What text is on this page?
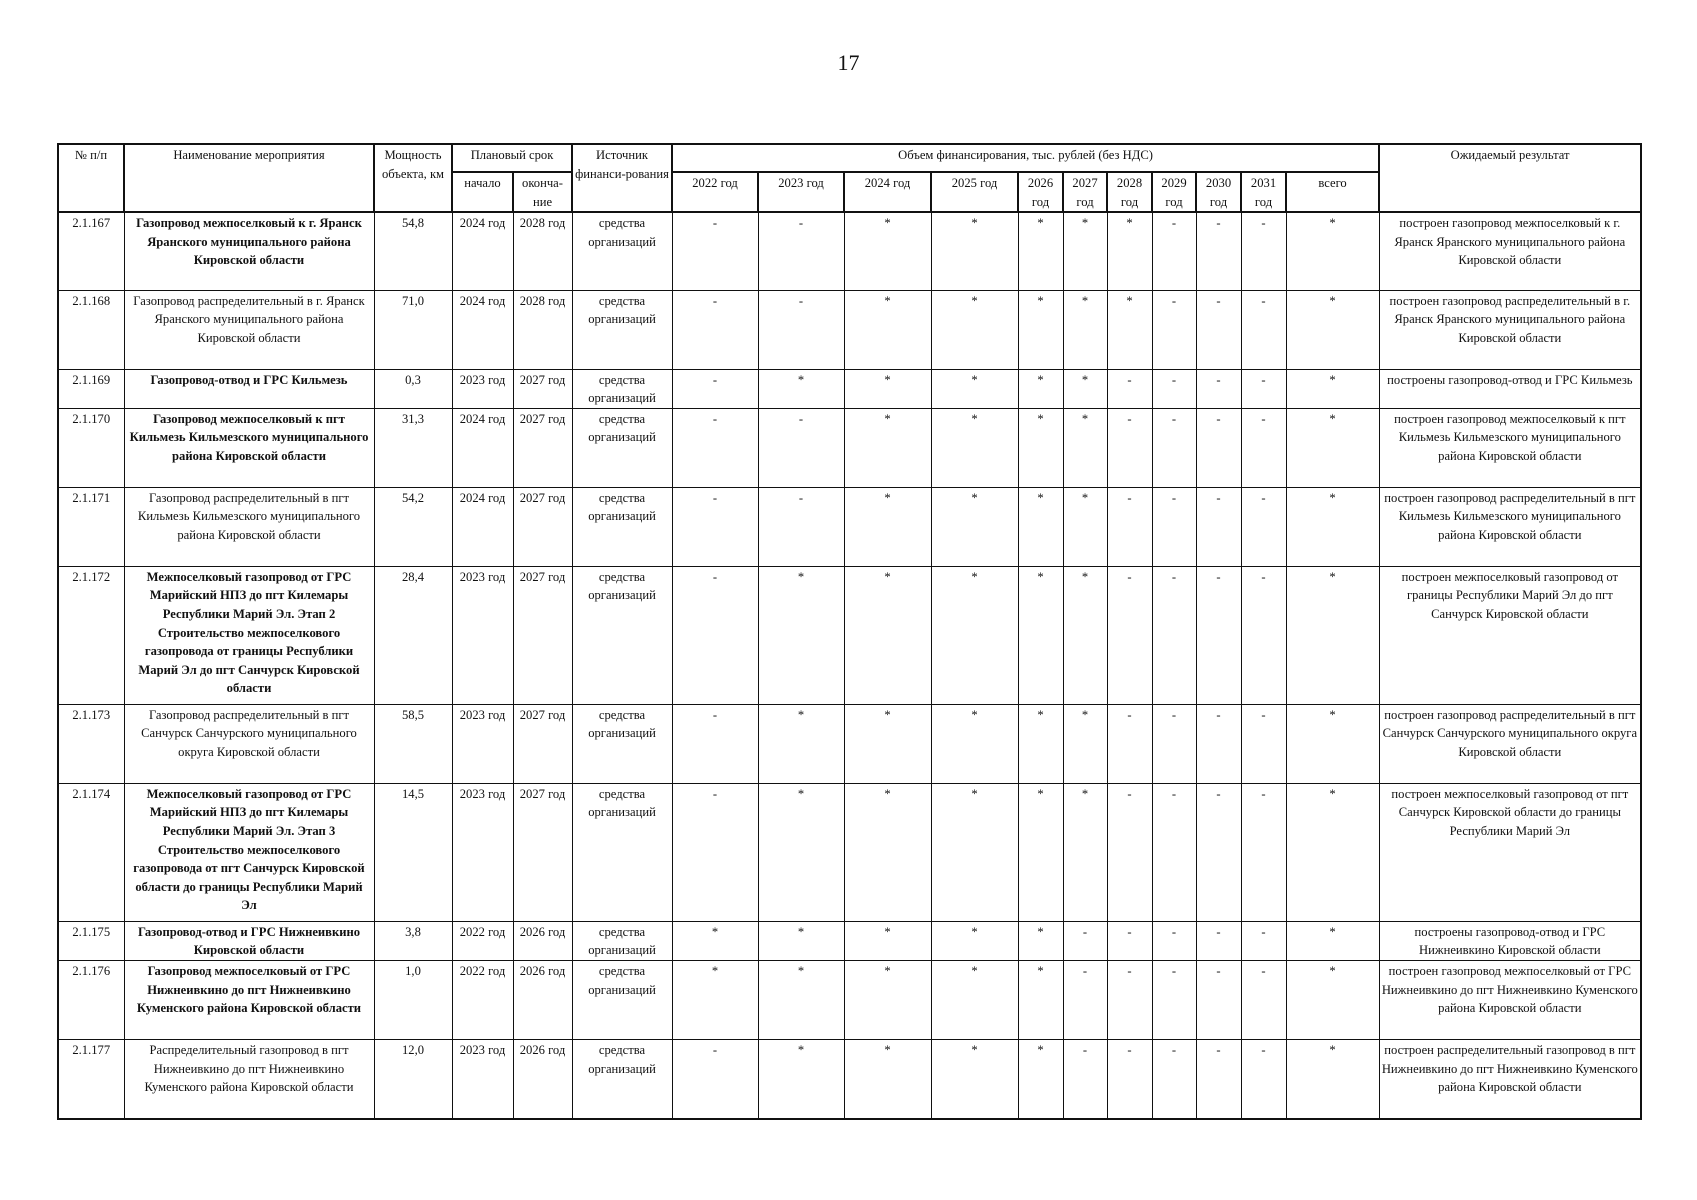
17
№ п/п	Наименование мероприятия	Мощность объекта, км	Плановый срок		Источник финанси-рования	Объем финансирования, тыс. рублей (без НДС)											Ожидаемый результат
			начало	оконча-ние		2022 год	2023 год	2024 год	2025 год	2026 год	2027 год	2028 год	2029 год	2030 год	2031 год	всего	
2.1.167	Газопровод межпоселковый к г. Яранск Яранского муниципального района Кировской области	54,8	2024 год	2028 год	средства организаций	-	-	*	*	*	*	*	-	-	-	*	построен газопровод межпоселковый к г. Яранск Яранского муниципального района Кировской области
2.1.168	Газопровод распределительный в г. Яранск Яранского муниципального района Кировской области	71,0	2024 год	2028 год	средства организаций	-	-	*	*	*	*	*	-	-	-	*	построен газопровод распределительный в г. Яранск Яранского муниципального района Кировской области
2.1.169	Газопровод-отвод и ГРС Кильмезь	0,3	2023 год	2027 год	средства организаций	-	*	*	*	*	*	-	-	-	-	*	построены газопровод-отвод и ГРС Кильмезь
2.1.170	Газопровод межпоселковый к пгт Кильмезь Кильмезского муниципального района Кировской области	31,3	2024 год	2027 год	средства организаций	-	-	*	*	*	*	-	-	-	-	*	построен газопровод межпоселковый к пгт Кильмезь Кильмезского муниципального района Кировской области
2.1.171	Газопровод распределительный в пгт Кильмезь Кильмезского муниципального района Кировской области	54,2	2024 год	2027 год	средства организаций	-	-	*	*	*	*	-	-	-	-	*	построен газопровод распределительный в пгт Кильмезь Кильмезского муниципального района Кировской области
2.1.172	Межпоселковый газопровод от ГРС Марийский НПЗ до пгт Килемары Республики Марий Эл. Этап 2 Строительство межпоселкового газопровода от границы Республики Марий Эл до пгт Санчурск Кировской области	28,4	2023 год	2027 год	средства организаций	-	*	*	*	*	*	-	-	-	-	*	построен межпоселковый газопровод от границы Республики Марий Эл до пгт Санчурск Кировской области
2.1.173	Газопровод распределительный в пгт Санчурск Санчурского муниципального округа Кировской области	58,5	2023 год	2027 год	средства организаций	-	*	*	*	*	*	-	-	-	-	*	построен газопровод распределительный в пгт Санчурск Санчурского муниципального округа Кировской области
2.1.174	Межпоселковый газопровод от ГРС Марийский НПЗ до пгт Килемары Республики Марий Эл. Этап 3 Строительство межпоселкового газопровода от пгт Санчурск Кировской области до границы Республики Марий Эл	14,5	2023 год	2027 год	средства организаций	-	*	*	*	*	*	-	-	-	-	*	построен межпоселковый газопровод от пгт Санчурск Кировской области до границы Республики Марий Эл
2.1.175	Газопровод-отвод и ГРС Нижнеивкино Кировской области	3,8	2022 год	2026 год	средства организаций	*	*	*	*	*	-	-	-	-	-	*	построены газопровод-отвод и ГРС Нижнеивкино Кировской области
2.1.176	Газопровод межпоселковый от ГРС Нижнеивкино до пгт Нижнеивкино Куменского района Кировской области	1,0	2022 год	2026 год	средства организаций	*	*	*	*	*	-	-	-	-	-	*	построен газопровод межпоселковый от ГРС Нижнеивкино до пгт Нижнеивкино Куменского района Кировской области
2.1.177	Распределительный газопровод в пгт Нижнеивкино до пгт Нижнеивкино Куменского района Кировской области	12,0	2023 год	2026 год	средства организаций	-	*	*	*	*	-	-	-	-	-	*	построен распределительный газопровод в пгт Нижнеивкино до пгт Нижнеивкино Куменского района Кировской области
